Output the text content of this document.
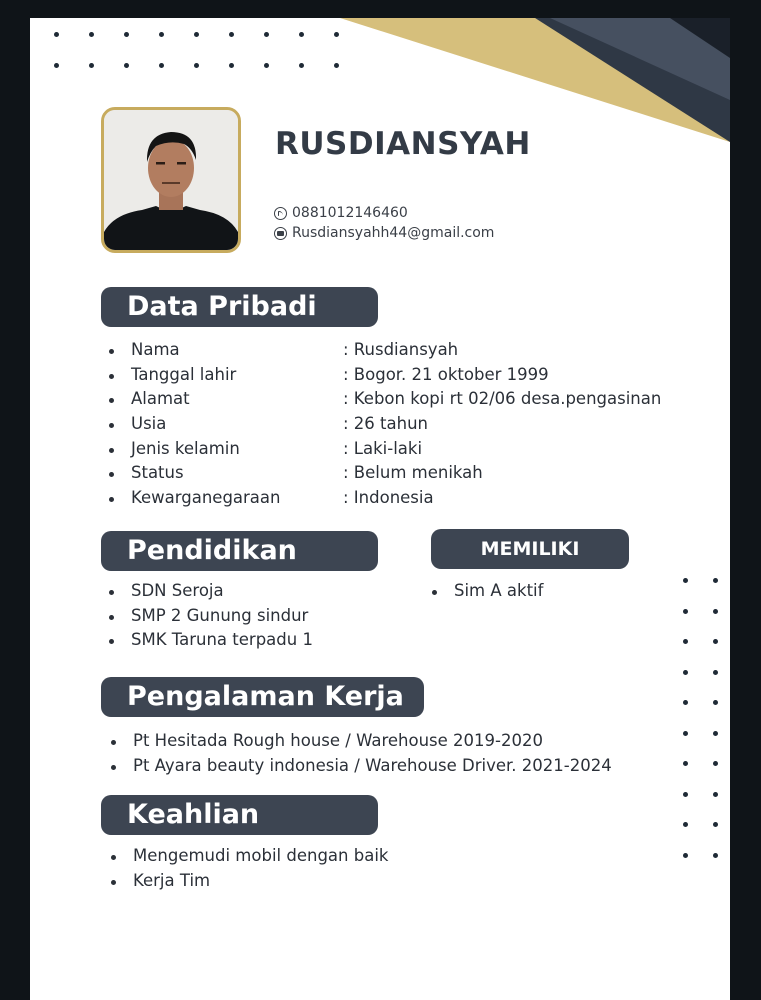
RUSDIANSYAH
0881012146460
Rusdiansyahh44@gmail.com
Data Pribadi
Nama	: Rusdiansyah
Tanggal lahir	: Bogor. 21 oktober 1999
Alamat	: Kebon kopi rt 02/06 desa.pengasinan
Usia	: 26 tahun
Jenis kelamin	: Laki-laki
Status	: Belum menikah
Kewarganegaraan	: Indonesia
Pendidikan
SDN Seroja
SMP 2 Gunung sindur
SMK Taruna terpadu 1
MEMILIKI
Sim A aktif
Pengalaman Kerja
Pt Hesitada Rough house / Warehouse 2019-2020
Pt Ayara beauty indonesia / Warehouse Driver. 2021-2024
Keahlian
Mengemudi mobil dengan baik
Kerja Tim
